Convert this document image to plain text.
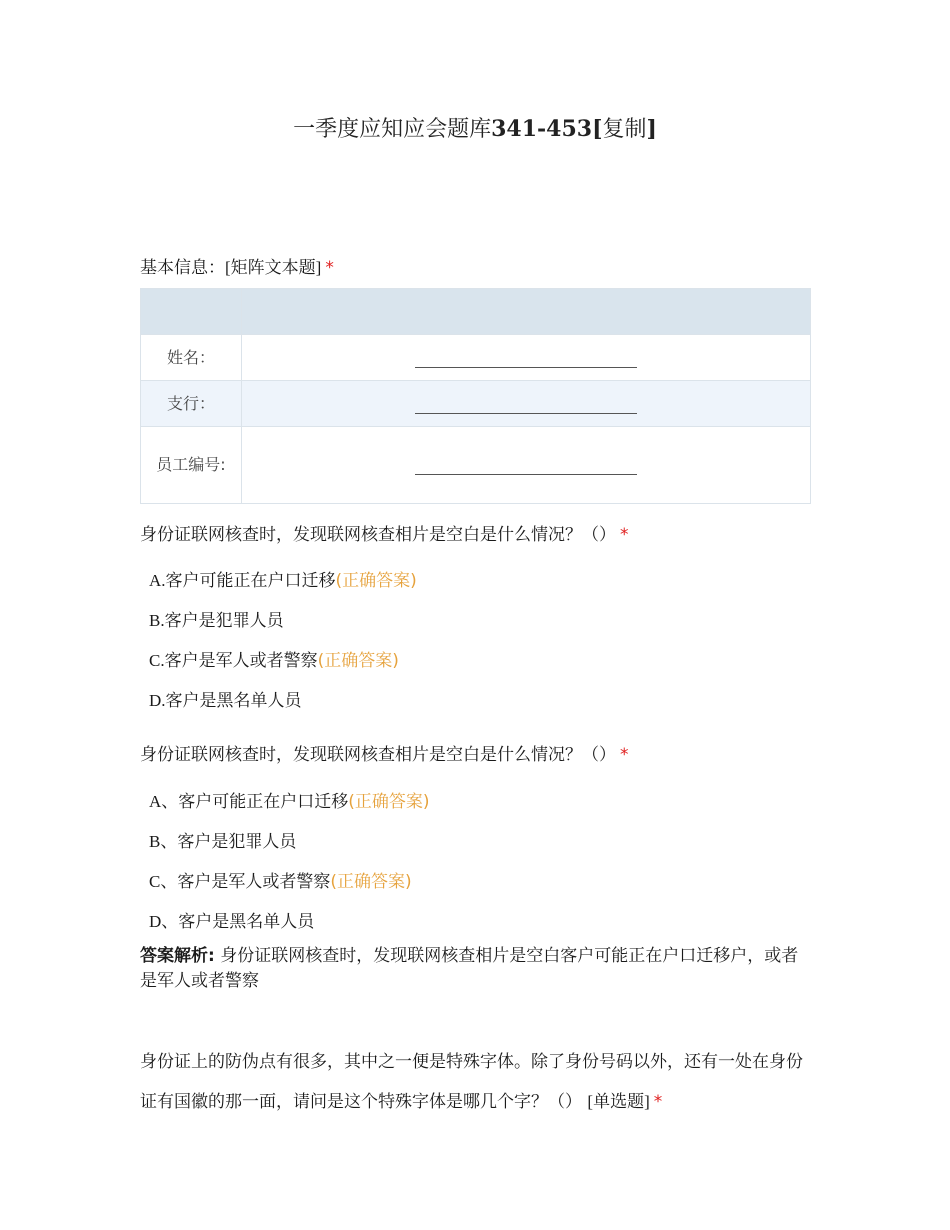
一季度应知应会题库341-453[复制]
基本信息：[矩阵文本题] *

姓名：	
支行：	
员工编号:	
身份证联网核查时，发现联网核查相片是空白是什么情况？（） *
A.客户可能正在户口迁移(正确答案)
B.客户是犯罪人员
C.客户是军人或者警察(正确答案)
D.客户是黑名单人员
身份证联网核查时，发现联网核查相片是空白是什么情况？（） *
A、客户可能正在户口迁移(正确答案)
B、客户是犯罪人员
C、客户是军人或者警察(正确答案)
D、客户是黑名单人员
答案解析: 身份证联网核查时，发现联网核查相片是空白客户可能正在户口迁移户，或者是军人或者警察
身份证上的防伪点有很多，其中之一便是特殊字体。除了身份号码以外，还有一处在身份证有国徽的那一面，请问是这个特殊字体是哪几个字？（） [单选题] *
